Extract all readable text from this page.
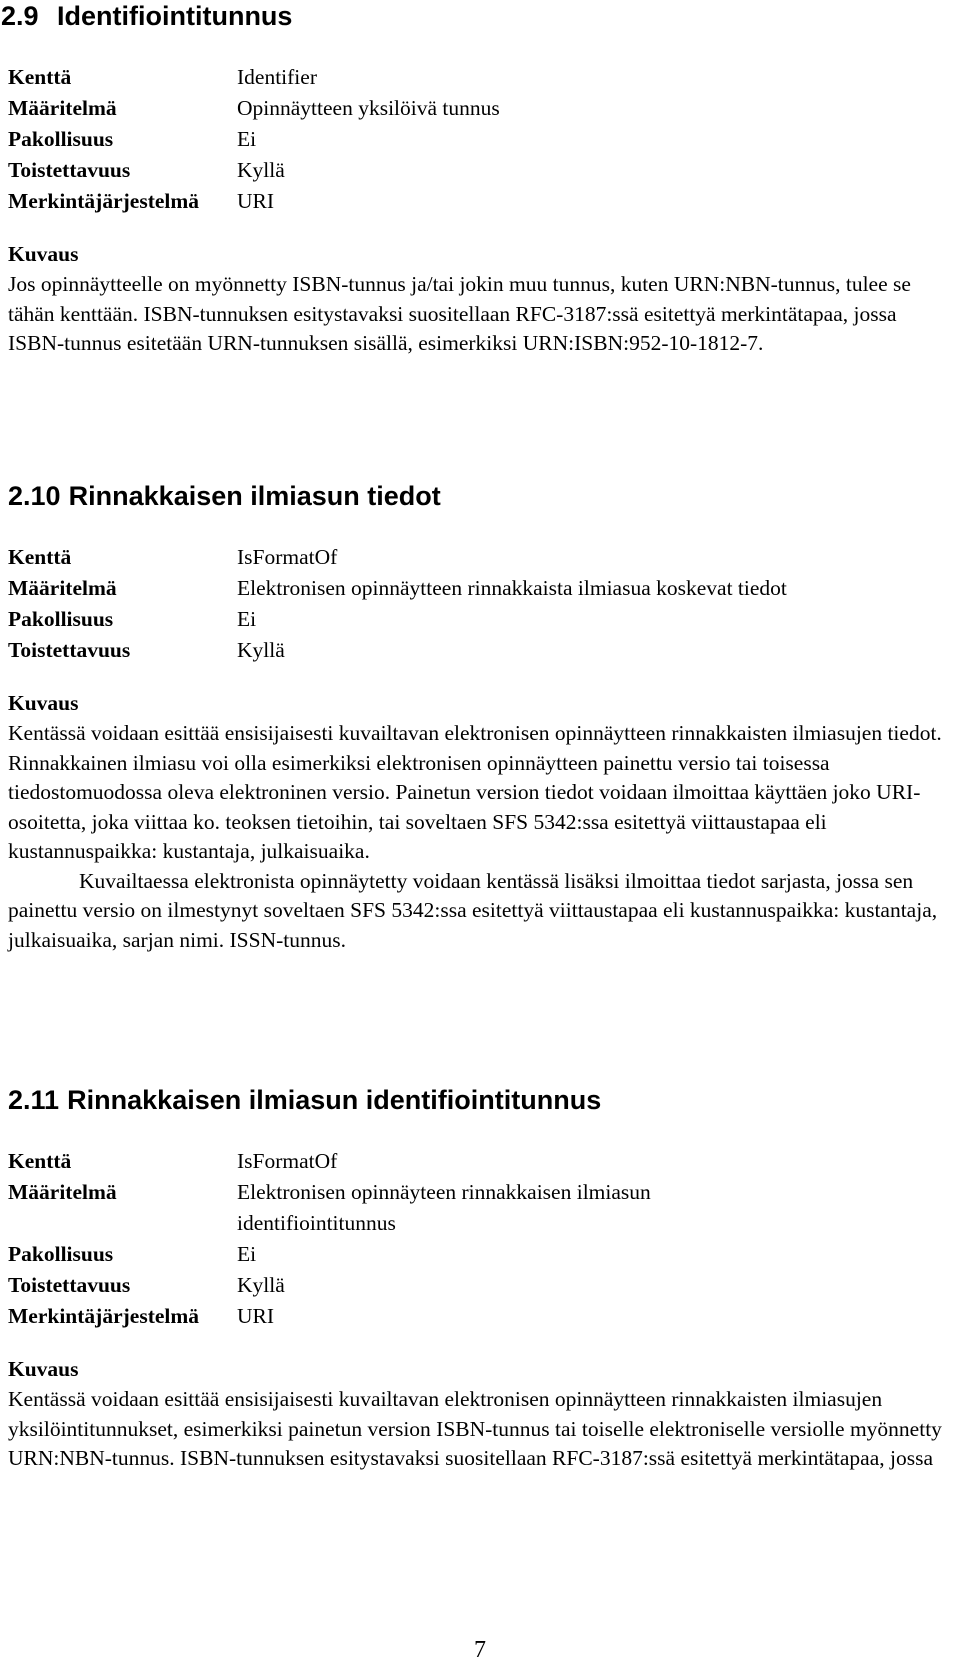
2.9 Identifiointitunnus
Kenttä	Identifier
Määritelmä	Opinnäytteen yksilöivä tunnus
Pakollisuus	Ei
Toistettavuus	Kyllä
Merkintäjärjestelmä	URI
Kuvaus

Jos opinnäytteelle on myönnetty ISBN-tunnus ja/tai jokin muu tunnus, kuten URN:NBN-tunnus, tulee se tähän kenttään. ISBN-tunnuksen esitystavaksi suositellaan RFC-3187:ssä esitettyä merkintätapaa, jossa ISBN-tunnus esitetään URN-tunnuksen sisällä, esimerkiksi URN:ISBN:952-10-1812-7.

2.10 Rinnakkaisen ilmiasun tiedot
Kenttä	IsFormatOf
Määritelmä	Elektronisen opinnäytteen rinnakkaista ilmiasua koskevat tiedot
Pakollisuus	Ei
Toistettavuus	Kyllä
Kuvaus

Kentässä voidaan esittää ensisijaisesti kuvailtavan elektronisen opinnäytteen rinnakkaisten ilmiasujen tiedot. Rinnakkainen ilmiasu voi olla esimerkiksi elektronisen opinnäytteen painettu versio tai toisessa tiedostomuodossa oleva elektroninen versio. Painetun version tiedot voidaan ilmoittaa käyttäen joko URI-osoitetta, joka viittaa ko. teoksen tietoihin, tai soveltaen SFS 5342:ssa esitettyä viittaustapaa eli kustannuspaikka: kustantaja, julkaisuaika.

Kuvailtaessa elektronista opinnäytetty voidaan kentässä lisäksi ilmoittaa tiedot sarjasta, jossa sen painettu versio on ilmestynyt soveltaen SFS 5342:ssa esitettyä viittaustapaa eli kustannuspaikka: kustantaja, julkaisuaika, sarjan nimi. ISSN-tunnus.

2.11 Rinnakkaisen ilmiasun identifiointitunnus
Kenttä	IsFormatOf
Määritelmä	Elektronisen opinnäyteen rinnakkaisen ilmiasun identifiointitunnus
Pakollisuus	Ei
Toistettavuus	Kyllä
Merkintäjärjestelmä	URI
Kuvaus

Kentässä voidaan esittää ensisijaisesti kuvailtavan elektronisen opinnäytteen rinnakkaisten ilmiasujen yksilöintitunnukset, esimerkiksi painetun version ISBN-tunnus tai toiselle elektroniselle versiolle myönnetty URN:NBN-tunnus. ISBN-tunnuksen esitystavaksi suositellaan RFC-3187:ssä esitettyä merkintätapaa, jossa

7
